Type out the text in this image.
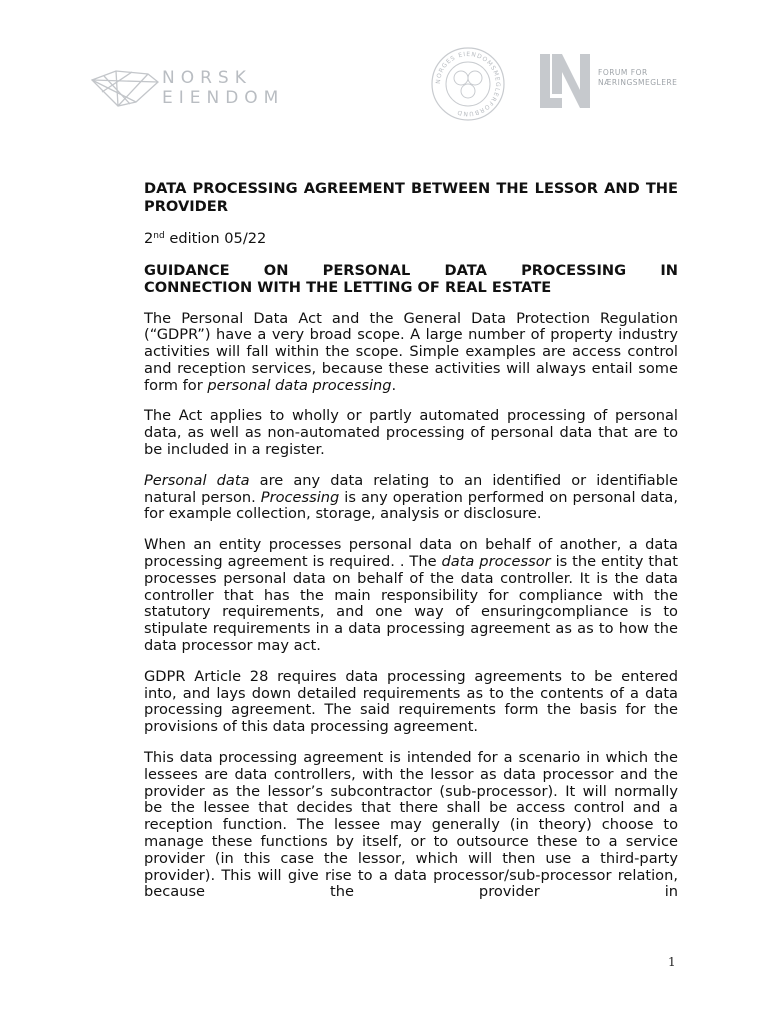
NORSK
EIENDOM
NORGES EIENDOMSMEGLERFORBUND
FORUM FOR
NÆRINGSMEGLERE
DATA PROCESSING AGREEMENT BETWEEN THE LESSOR AND THE PROVIDER
2nd edition 05/22
GUIDANCE ON PERSONAL DATA PROCESSING IN
CONNECTION WITH THE LETTING OF REAL ESTATE

The Personal Data Act and the General Data Protection Regulation (“GDPR”) have a very broad scope. A large number of property industry activities will fall within the scope. Simple examples are access control and reception services, because these activities will always entail some form for personal data processing.

The Act applies to wholly or partly automated processing of personal data, as well as non-automated processing of personal data that are to be included in a register.

Personal data are any data relating to an identified or identifiable natural person. Processing is any operation performed on personal data, for example collection, storage, analysis or disclosure.

When an entity processes personal data on behalf of another, a data processing agreement is required. . The data processor is the entity that processes personal data on behalf of the data controller. It is the data controller that has the main responsibility for compliance with the statutory requirements, and one way of ensuringcompliance is to stipulate requirements in a data processing agreement as as to how the data processor may act.

GDPR Article 28 requires data processing agreements to be entered into, and lays down detailed requirements as to the contents of a data processing agreement. The said requirements form the basis for the provisions of this data processing agreement.

This data processing agreement is intended for a scenario in which the lessees are data controllers, with the lessor as data processor and the provider as the lessor’s subcontractor (sub-processor). It will normally be the lessee that decides that there shall be access control and a reception function. The lessee may generally (in theory) choose to manage these functions by itself, or to outsource these to a service provider (in this case the lessor, which will then use a third-party provider). This will give rise to a data processor/sub-processor relation, because the provider in

1
